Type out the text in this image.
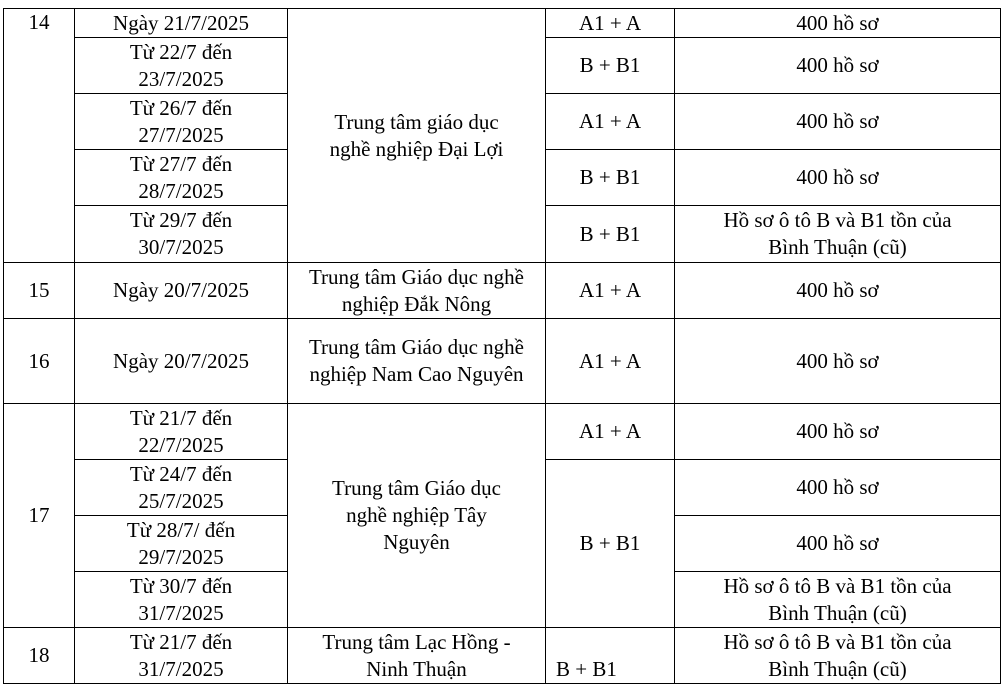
14	Ngày 21/7/2025	Trung tâm giáo dục nghề nghiệp Đại Lợi	A1 + A	400 hồ sơ
	Từ 22/7 đến 23/7/2025		B + B1	400 hồ sơ
	Từ 26/7 đến 27/7/2025		A1 + A	400 hồ sơ
	Từ 27/7 đến 28/7/2025		B + B1	400 hồ sơ
	Từ 29/7 đến 30/7/2025		B + B1	Hồ sơ ô tô B và B1 tồn của Bình Thuận (cũ)
15	Ngày 20/7/2025	Trung tâm Giáo dục nghề nghiệp Đắk Nông	A1 + A	400 hồ sơ
16	Ngày 20/7/2025	Trung tâm Giáo dục nghề nghiệp Nam Cao Nguyên	A1 + A	400 hồ sơ
17	Từ 21/7 đến 22/7/2025	Trung tâm Giáo dục nghề nghiệp Tây Nguyên	A1 + A	400 hồ sơ
	Từ 24/7 đến 25/7/2025		B + B1	400 hồ sơ
	Từ 28/7/ đến 29/7/2025			400 hồ sơ
	Từ 30/7 đến 31/7/2025			Hồ sơ ô tô B và B1 tồn của Bình Thuận (cũ)
18	Từ 21/7 đến 31/7/2025	Trung tâm Lạc Hồng - Ninh Thuận	B + B1	Hồ sơ ô tô B và B1 tồn của Bình Thuận (cũ)
